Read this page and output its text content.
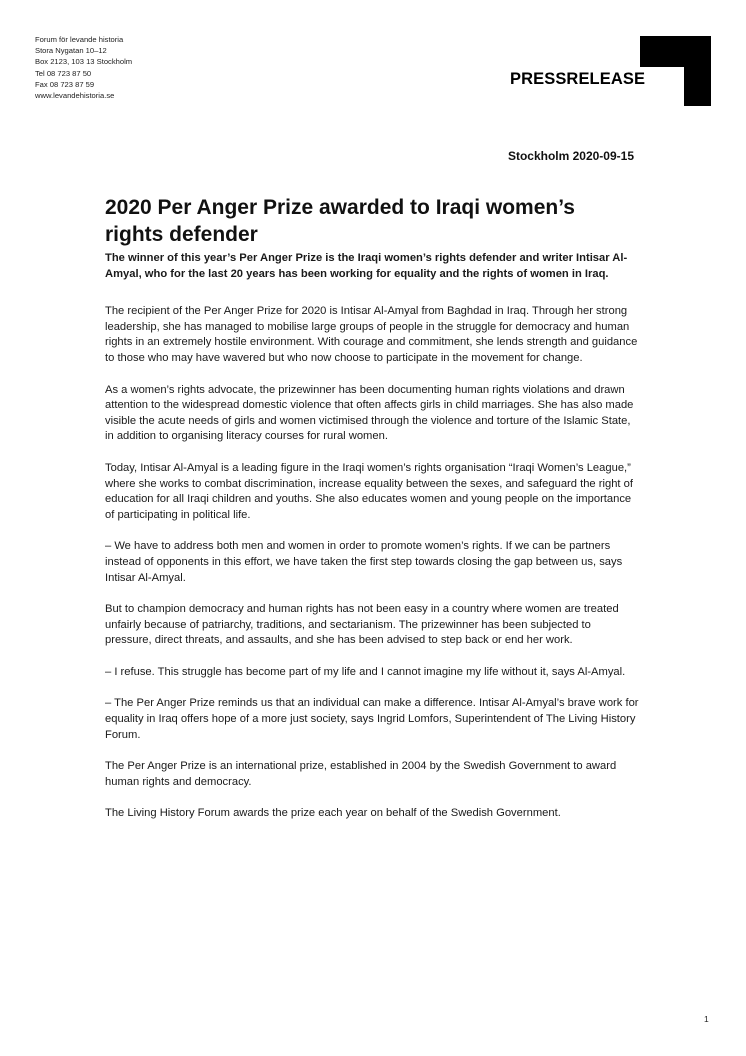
Forum för levande historia
Stora Nygatan 10–12
Box 2123, 103 13 Stockholm
Tel 08 723 87 50
Fax 08 723 87 59
www.levandehistoria.se
PRESSRELEASE
Stockholm 2020-09-15
2020 Per Anger Prize awarded to Iraqi women’s rights defender

The winner of this year’s Per Anger Prize is the Iraqi women’s rights defender and writer Intisar Al-Amyal, who for the last 20 years has been working for equality and the rights of women in Iraq.

The recipient of the Per Anger Prize for 2020 is Intisar Al-Amyal from Baghdad in Iraq. Through her strong leadership, she has managed to mobilise large groups of people in the struggle for democracy and human rights in an extremely hostile environment. With courage and commitment, she lends strength and guidance to those who may have wavered but who now choose to participate in the movement for change.

As a women’s rights advocate, the prizewinner has been documenting human rights violations and drawn attention to the widespread domestic violence that often affects girls in child marriages. She has also made visible the acute needs of girls and women victimised through the violence and torture of the Islamic State, in addition to organising literacy courses for rural women.

Today, Intisar Al-Amyal is a leading figure in the Iraqi women’s rights organisation “Iraqi Women’s League,” where she works to combat discrimination, increase equality between the sexes, and safeguard the right of education for all Iraqi children and youths. She also educates women and young people on the importance of participating in political life.

– We have to address both men and women in order to promote women’s rights. If we can be partners instead of opponents in this effort, we have taken the first step towards closing the gap between us, says Intisar Al-Amyal.

But to champion democracy and human rights has not been easy in a country where women are treated unfairly because of patriarchy, traditions, and sectarianism. The prizewinner has been subjected to pressure, direct threats, and assaults, and she has been advised to step back or end her work.

– I refuse. This struggle has become part of my life and I cannot imagine my life without it, says Al-Amyal.

– The Per Anger Prize reminds us that an individual can make a difference. Intisar Al-Amyal’s brave work for equality in Iraq offers hope of a more just society, says Ingrid Lomfors, Superintendent of The Living History Forum.

The Per Anger Prize is an international prize, established in 2004 by the Swedish Government to award human rights and democracy.

The Living History Forum awards the prize each year on behalf of the Swedish Government.

1
